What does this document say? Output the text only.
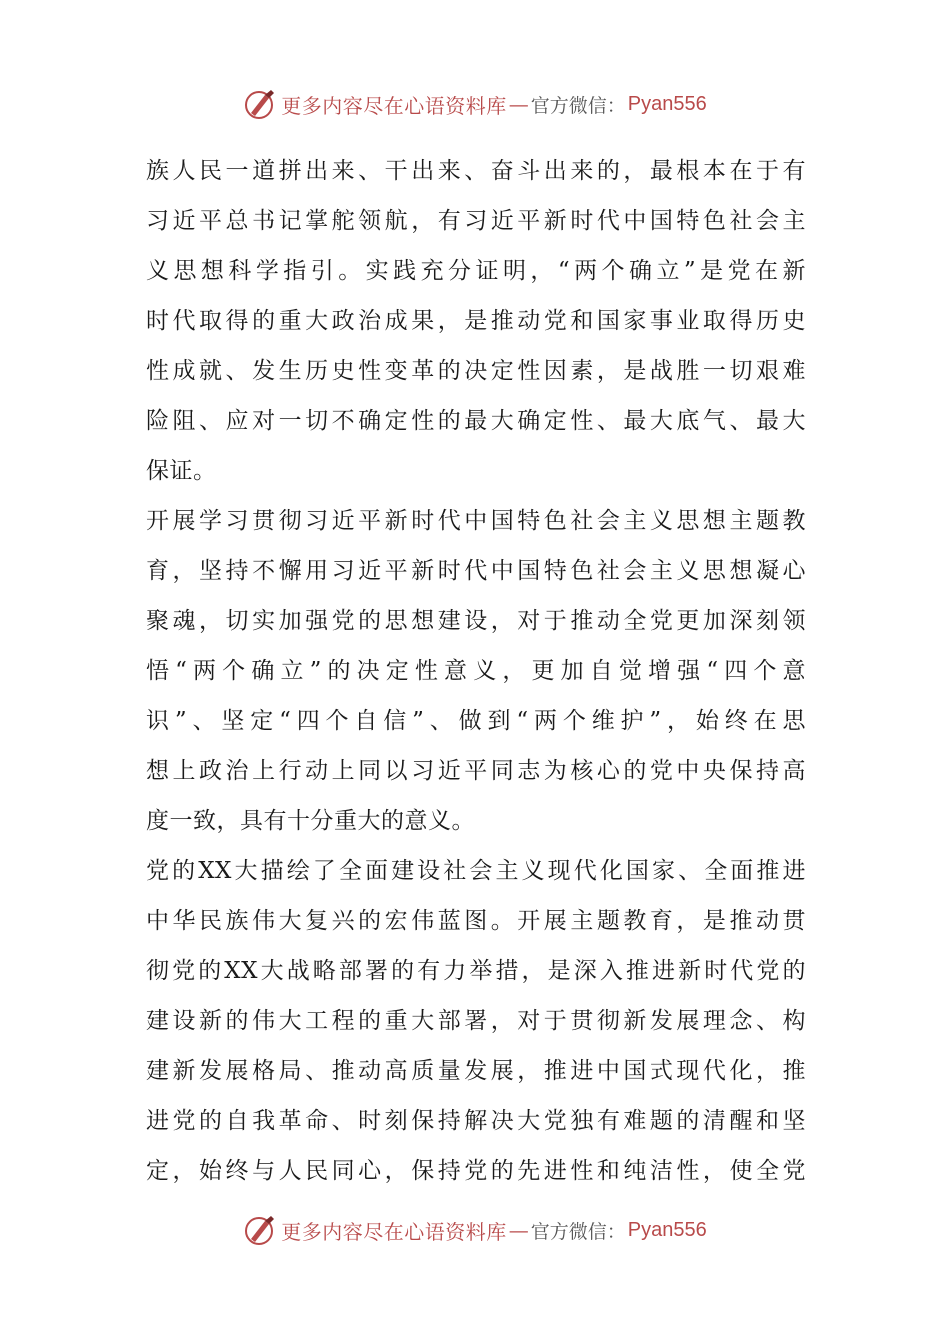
更多内容尽在心语资料库 — 官方微信： Pyan556
族人民一道拼出来、干出来、奋斗出来的，最根本在于有
习近平总书记掌舵领航，有习近平新时代中国特色社会主
义思想科学指引。实践充分证明，“两个确立”是党在新
时代取得的重大政治成果，是推动党和国家事业取得历史
性成就、发生历史性变革的决定性因素，是战胜一切艰难
险阻、应对一切不确定性的最大确定性、最大底气、最大
保证。
开展学习贯彻习近平新时代中国特色社会主义思想主题教
育，坚持不懈用习近平新时代中国特色社会主义思想凝心
聚魂，切实加强党的思想建设，对于推动全党更加深刻领
悟“两个确立”的决定性意义，更加自觉增强“四个意
识”、坚定“四个自信”、做到“两个维护”，始终在思
想上政治上行动上同以习近平同志为核心的党中央保持高
度一致，具有十分重大的意义。
党的XX大描绘了全面建设社会主义现代化国家、全面推进
中华民族伟大复兴的宏伟蓝图。开展主题教育，是推动贯
彻党的XX大战略部署的有力举措，是深入推进新时代党的
建设新的伟大工程的重大部署，对于贯彻新发展理念、构
建新发展格局、推动高质量发展，推进中国式现代化，推
进党的自我革命、时刻保持解决大党独有难题的清醒和坚
定，始终与人民同心，保持党的先进性和纯洁性，使全党
更多内容尽在心语资料库 — 官方微信： Pyan556
